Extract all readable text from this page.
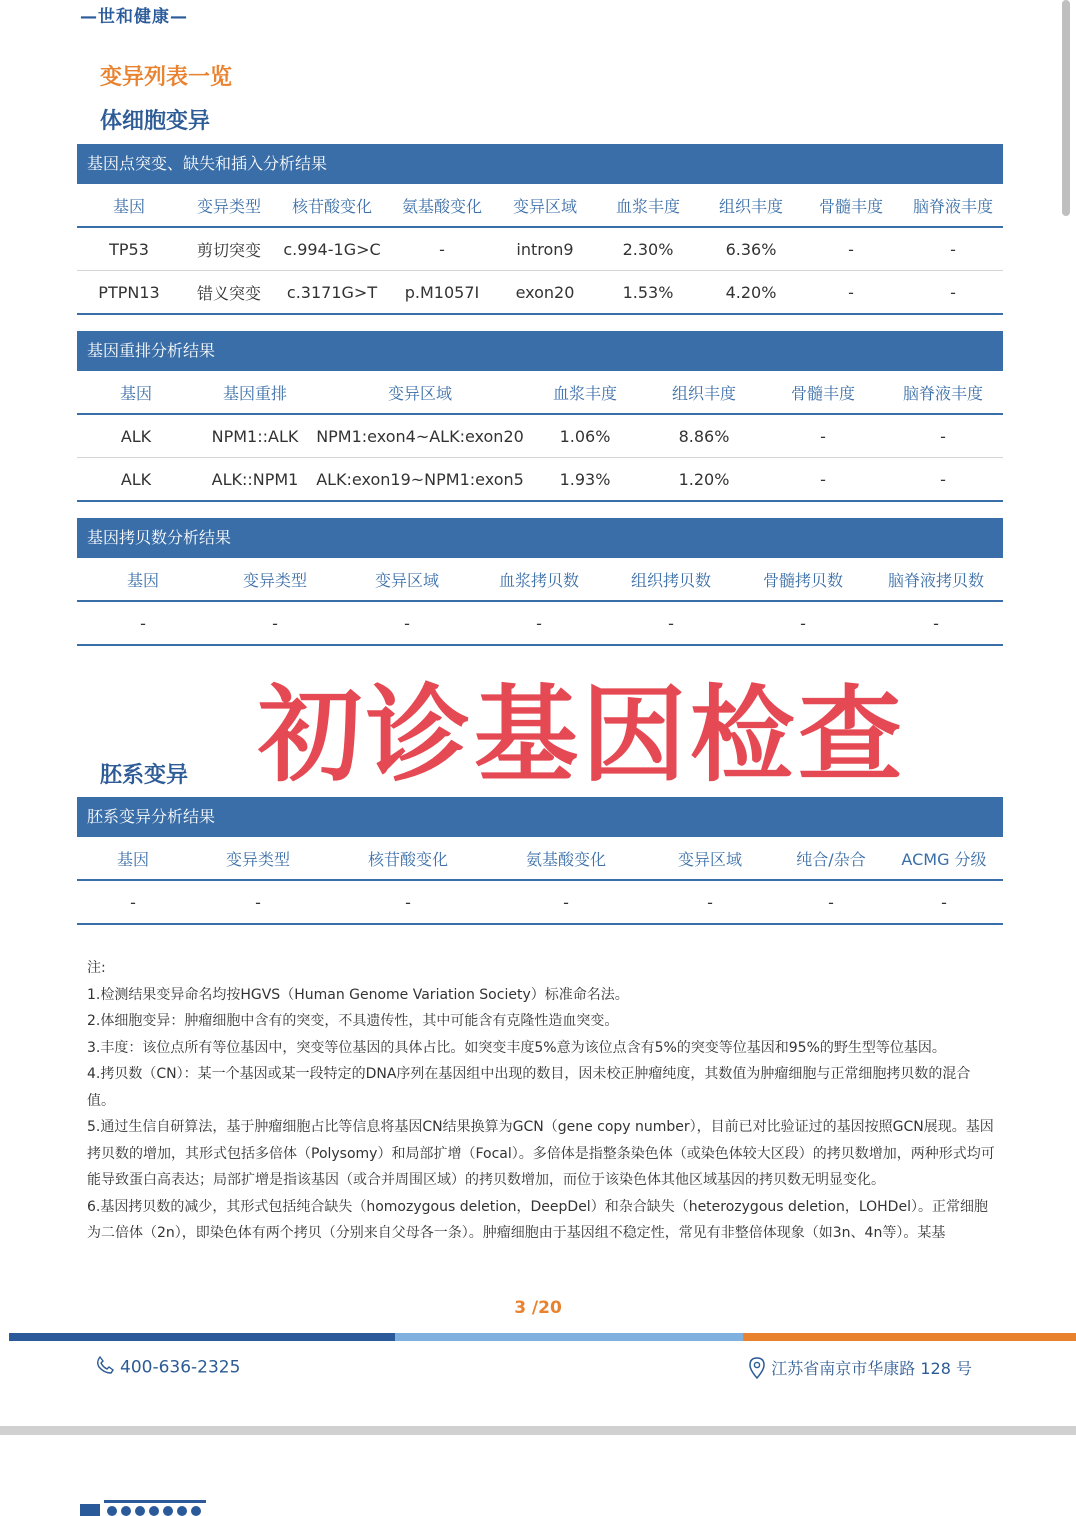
—世和健康—
变异列表一览
体细胞变异
基因点突变、缺失和插入分析结果
基因	变异类型	核苷酸变化	氨基酸变化	变异区域	血浆丰度	组织丰度	骨髓丰度	脑脊液丰度
TP53	剪切突变	c.994-1G>C	-	intron9	2.30%	6.36%	-	-
PTPN13	错义突变	c.3171G>T	p.M1057I	exon20	1.53%	4.20%	-	-
基因重排分析结果
基因	基因重排	变异区域	血浆丰度	组织丰度	骨髓丰度	脑脊液丰度
ALK	NPM1::ALK	NPM1:exon4~ALK:exon20	1.06%	8.86%	-	-
ALK	ALK::NPM1	ALK:exon19~NPM1:exon5	1.93%	1.20%	-	-
基因拷贝数分析结果
基因	变异类型	变异区域	血浆拷贝数	组织拷贝数	骨髓拷贝数	脑脊液拷贝数
-	-	-	-	-	-	-
初诊基因检查
胚系变异
胚系变异分析结果
基因	变异类型	核苷酸变化	氨基酸变化	变异区域	纯合/杂合	ACMG 分级
-	-	-	-	-	-	-

注:

1.检测结果变异命名均按HGVS（Human Genome Variation Society）标准命名法。

2.体细胞变异：肿瘤细胞中含有的突变，不具遗传性，其中可能含有克隆性造血突变。

3.丰度：该位点所有等位基因中，突变等位基因的具体占比。如突变丰度5%意为该位点含有5%的突变等位基因和95%的野生型等位基因。

4.拷贝数（CN）：某一个基因或某一段特定的DNA序列在基因组中出现的数目，因未校正肿瘤纯度，其数值为肿瘤细胞与正常细胞拷贝数的混合值。

5.通过生信自研算法，基于肿瘤细胞占比等信息将基因CN结果换算为GCN（gene copy number），目前已对比验证过的基因按照GCN展现。基因拷贝数的增加，其形式包括多倍体（Polysomy）和局部扩增（Focal）。多倍体是指整条染色体（或染色体较大区段）的拷贝数增加，两种形式均可能导致蛋白高表达；局部扩增是指该基因（或合并周围区域）的拷贝数增加，而位于该染色体其他区域基因的拷贝数无明显变化。

6.基因拷贝数的减少，其形式包括纯合缺失（homozygous deletion，DeepDel）和杂合缺失（heterozygous deletion，LOHDel）。正常细胞为二倍体（2n），即染色体有两个拷贝（分别来自父母各一条）。肿瘤细胞由于基因组不稳定性，常见有非整倍体现象（如3n、4n等）。某基

3 /20
400-636-2325	江苏省南京市华康路 128 号
